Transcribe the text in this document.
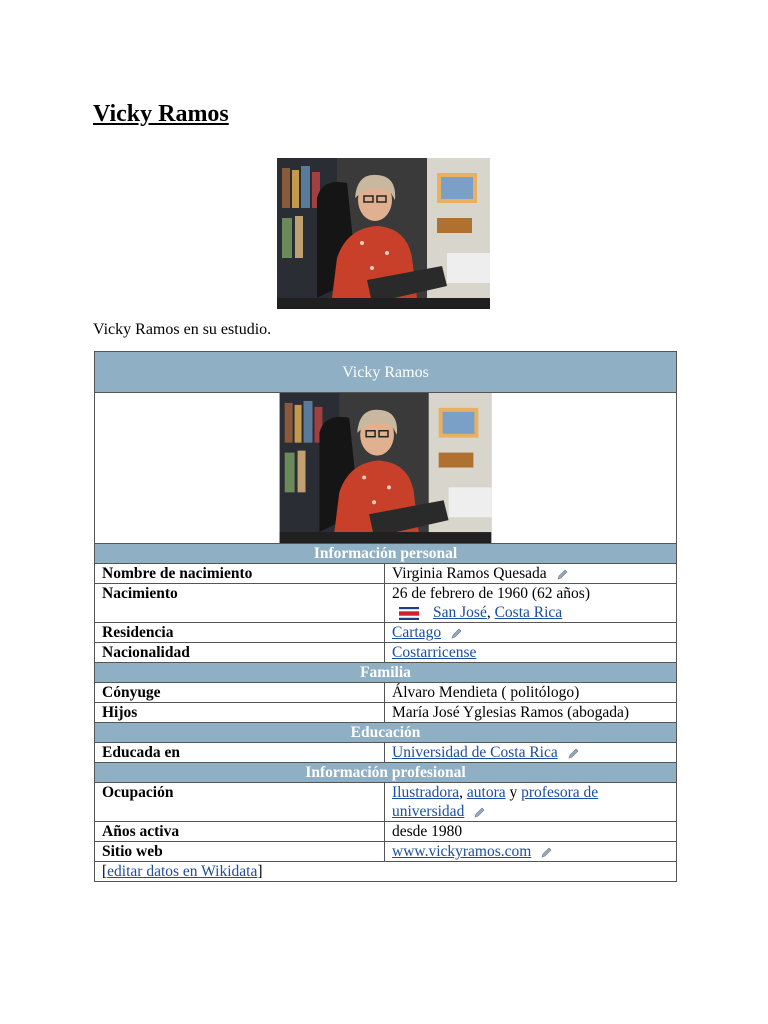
Vicky Ramos
Vicky Ramos en su estudio.
Vicky Ramos	

Información personal	
Nombre de nacimiento	Virginia Ramos Quesada
Nacimiento	26 de febrero de 1960 (62 años)
San José, Costa Rica

Residencia	Cartago
Nacionalidad	Costarricense
Familia	
Cónyuge	Álvaro Mendieta ( politólogo)
Hijos	María José Yglesias Ramos (abogada)
Educación	
Educada en	Universidad de Costa Rica
Información profesional	
Ocupación	Ilustradora, autora y profesora de universidad
Años activa	desde 1980
Sitio web	www.vickyramos.com
[editar datos en Wikidata]	
